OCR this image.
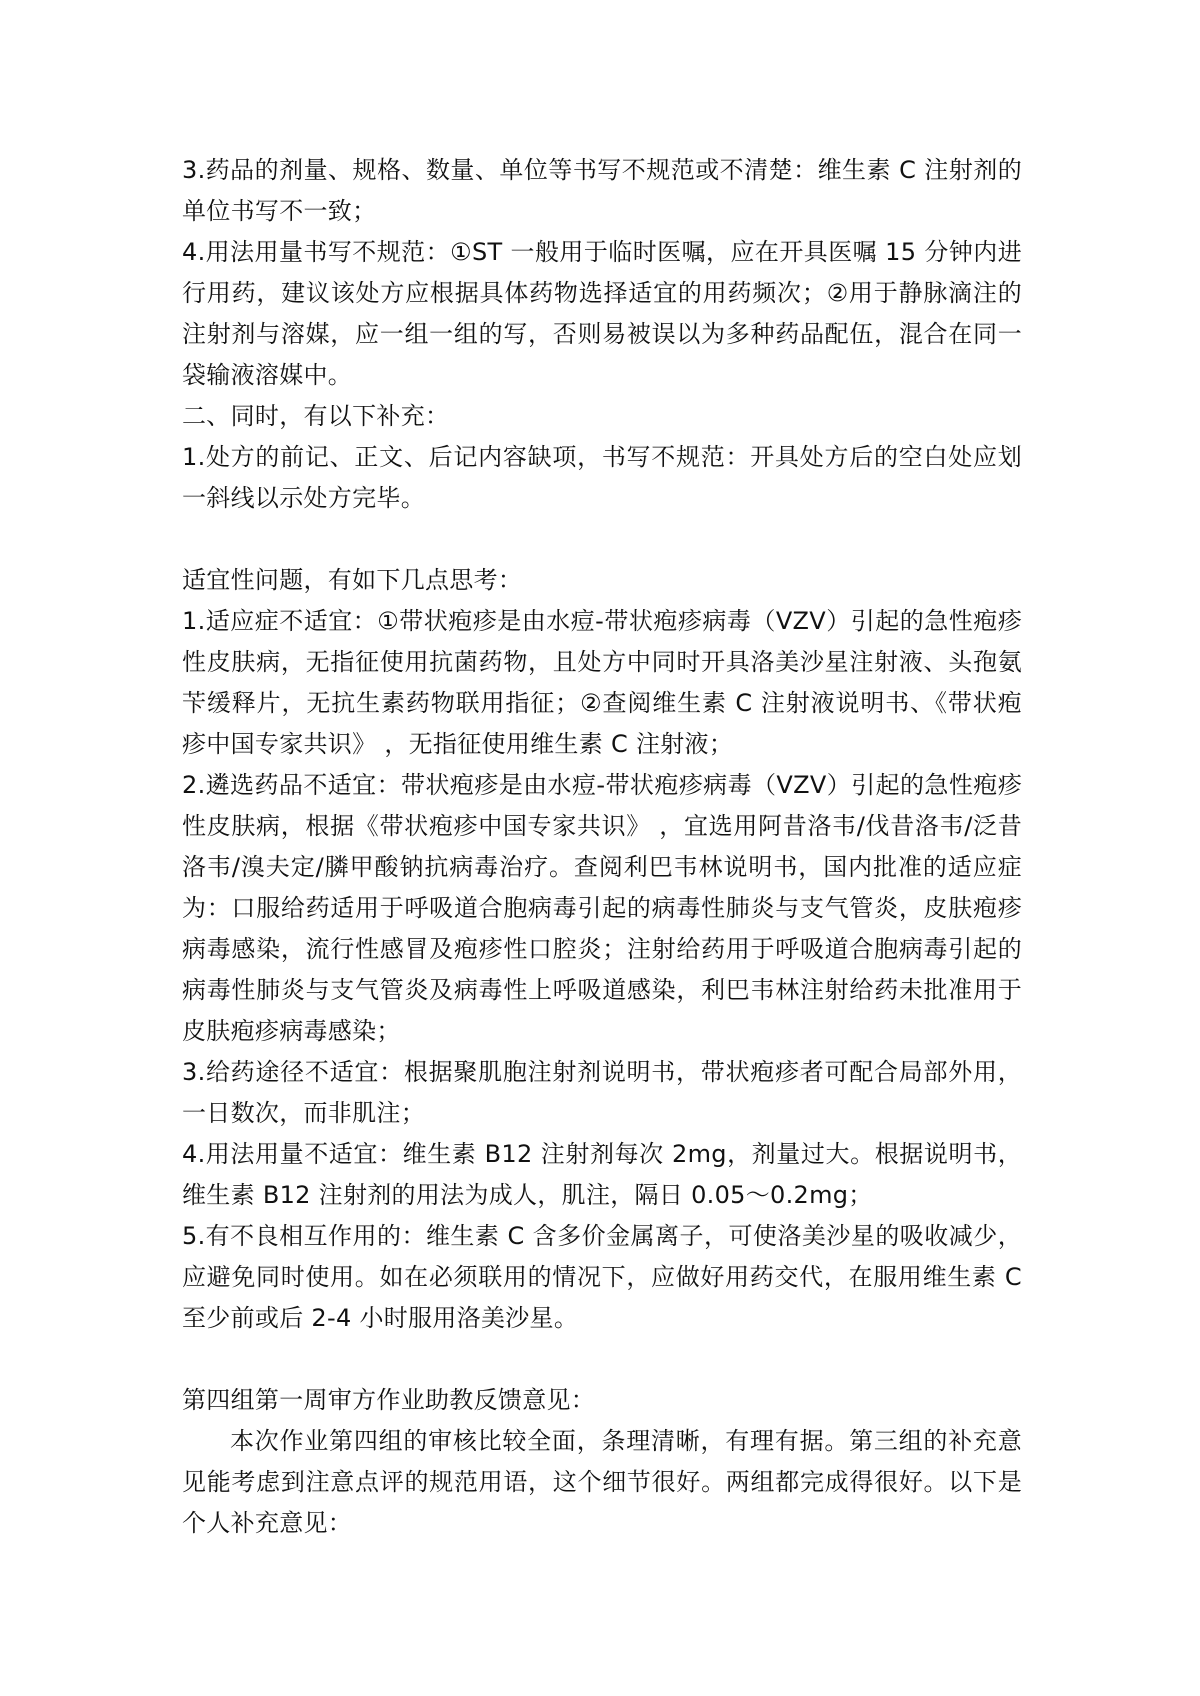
3.药品的剂量、规格、数量、单位等书写不规范或不清楚：维生素 C 注射剂的单位书写不一致；

4.用法用量书写不规范：①ST 一般用于临时医嘱，应在开具医嘱 15 分钟内进行用药，建议该处方应根据具体药物选择适宜的用药频次；②用于静脉滴注的注射剂与溶媒，应一组一组的写，否则易被误以为多种药品配伍，混合在同一袋输液溶媒中。

二、同时，有以下补充：

1.处方的前记、正文、后记内容缺项，书写不规范：开具处方后的空白处应划一斜线以示处方完毕。

适宜性问题，有如下几点思考：

1.适应症不适宜：①带状疱疹是由水痘-带状疱疹病毒（VZV）引起的急性疱疹性皮肤病，无指征使用抗菌药物，且处方中同时开具洛美沙星注射液、头孢氨苄缓释片，无抗生素药物联用指征；②查阅维生素 C 注射液说明书、《带状疱疹中国专家共识》 ，无指征使用维生素 C 注射液；

2.遴选药品不适宜：带状疱疹是由水痘-带状疱疹病毒（VZV）引起的急性疱疹性皮肤病，根据《带状疱疹中国专家共识》 ，宜选用阿昔洛韦/伐昔洛韦/泛昔洛韦/溴夫定/膦甲酸钠抗病毒治疗。查阅利巴韦林说明书，国内批准的适应症为：口服给药适用于呼吸道合胞病毒引起的病毒性肺炎与支气管炎，皮肤疱疹病毒感染，流行性感冒及疱疹性口腔炎；注射给药用于呼吸道合胞病毒引起的病毒性肺炎与支气管炎及病毒性上呼吸道感染，利巴韦林注射给药未批准用于皮肤疱疹病毒感染；

3.给药途径不适宜：根据聚肌胞注射剂说明书，带状疱疹者可配合局部外用，一日数次，而非肌注；

4.用法用量不适宜：维生素 B12 注射剂每次 2mg，剂量过大。根据说明书，维生素 B12 注射剂的用法为成人，肌注，隔日 0.05～0.2mg；

5.有不良相互作用的：维生素 C 含多价金属离子，可使洛美沙星的吸收减少，应避免同时使用。如在必须联用的情况下，应做好用药交代，在服用维生素 C 至少前或后 2-4 小时服用洛美沙星。

第四组第一周审方作业助教反馈意见：

本次作业第四组的审核比较全面，条理清晰，有理有据。第三组的补充意见能考虑到注意点评的规范用语，这个细节很好。两组都完成得很好。以下是个人补充意见：
